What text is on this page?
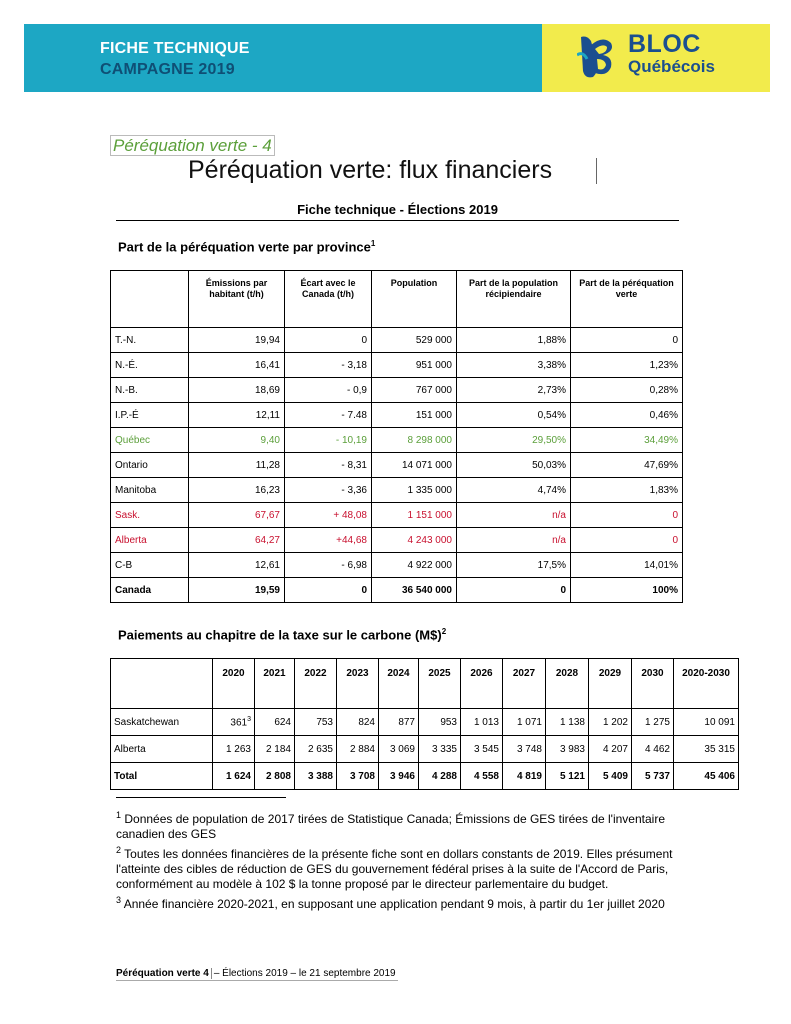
FICHE TECHNIQUE
CAMPAGNE 2019
BLOC
Québécois
Péréquation verte - 4
Péréquation verte: flux financiers
Fiche technique - Élections 2019
Part de la péréquation verte par province$^1$
	Émissions par habitant (t/h)	Écart avec le Canada (t/h)	Population	Part de la population récipiendaire	Part de la péréquation verte
T.-N.	19,94	0	529 000	1,88%	0
N.-É.	16,41	- 3,18	951 000	3,38%	1,23%
N.-B.	18,69	- 0,9	767 000	2,73%	0,28%
I.P.-É	12,11	- 7.48	151 000	0,54%	0,46%
Québec	9,40	- 10,19	8 298 000	29,50%	34,49%
Ontario	11,28	- 8,31	14 071 000	50,03%	47,69%
Manitoba	16,23	- 3,36	1 335 000	4,74%	1,83%
Sask.	67,67	+ 48,08	1 151 000	n/a	0
Alberta	64,27	+44,68	4 243 000	n/a	0
C-B	12,61	- 6,98	4 922 000	17,5%	14,01%
Canada	19,59	0	36 540 000	0	100%
Paiements au chapitre de la taxe sur le carbone (M$)$^2$
	2020	2021	2022	2023	2024	2025	2026	2027	2028	2029	2030	2020-2030
Saskatchewan	$361^3$	624	753	824	877	953	1 013	1 071	1 138	1 202	1 275	10 091
Alberta	1 263	2 184	2 635	2 884	3 069	3 335	3 545	3 748	3 983	4 207	4 462	35 315
Total	1 624	2 808	3 388	3 708	3 946	4 288	4 558	4 819	5 121	5 409	5 737	45 406
$^1$ Données de population de 2017 tirées de Statistique Canada; Émissions de GES tirées de l'inventaire canadien des GES
$^2$ Toutes les données financières de la présente fiche sont en dollars constants de 2019. Elles présument l'atteinte des cibles de réduction de GES du gouvernement fédéral prises à la suite de l'Accord de Paris, conformément au modèle à 102 $ la tonne proposé par le directeur parlementaire du budget.
$^3$ Année financière 2020-2021, en supposant une application pendant 9 mois, à partir du 1er juillet 2020
Péréquation verte 4 – Élections 2019 – le 21 septembre 2019
